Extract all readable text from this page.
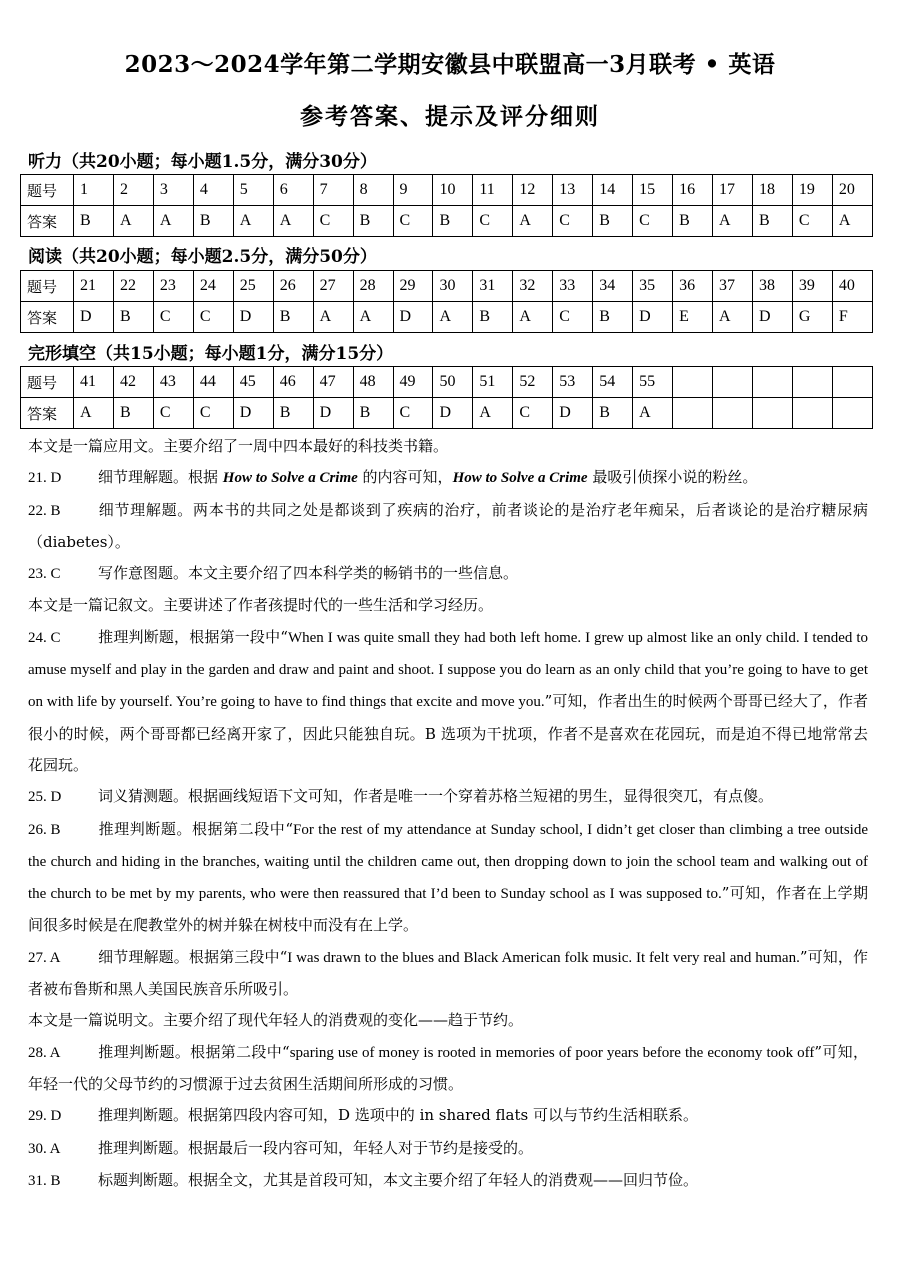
2023～2024学年第二学期安徽县中联盟高一3月联考 • 英语
参考答案、提示及评分细则
听力（共20小题；每小题1.5分，满分30分）
题号	1	2	3	4	5	6	7	8	9	10	11	12	13	14	15	16	17	18	19	20
答案	B	A	A	B	A	A	C	B	C	B	C	A	C	B	C	B	A	B	C	A
阅读（共20小题；每小题2.5分，满分50分）
题号	21	22	23	24	25	26	27	28	29	30	31	32	33	34	35	36	37	38	39	40
答案	D	B	C	C	D	B	A	A	D	A	B	A	C	B	D	E	A	D	G	F
完形填空（共15小题；每小题1分，满分15分）
题号	41	42	43	44	45	46	47	48	49	50	51	52	53	54	55					
答案	A	B	C	C	D	B	D	B	C	D	A	C	D	B	A					

本文是一篇应用文。主要介绍了一周中四本最好的科技类书籍。

21. D 细节理解题。根据 How to Solve a Crime 的内容可知，How to Solve a Crime 最吸引侦探小说的粉丝。

22. B 细节理解题。两本书的共同之处是都谈到了疾病的治疗，前者谈论的是治疗老年痴呆，后者谈论的是治疗糖尿病（diabetes）。

23. C 写作意图题。本文主要介绍了四本科学类的畅销书的一些信息。

本文是一篇记叙文。主要讲述了作者孩提时代的一些生活和学习经历。

24. C 推理判断题，根据第一段中“When I was quite small they had both left home. I grew up almost like an only child. I tended to amuse myself and play in the garden and draw and paint and shoot. I suppose you do learn as an only child that you’re going to have to get on with life by yourself. You’re going to have to find things that excite and move you.”可知，作者出生的时候两个哥哥已经大了，作者很小的时候，两个哥哥都已经离开家了，因此只能独自玩。B 选项为干扰项，作者不是喜欢在花园玩，而是迫不得已地常常去花园玩。

25. D 词义猜测题。根据画线短语下文可知，作者是唯一一个穿着苏格兰短裙的男生，显得很突兀，有点傻。

26. B 推理判断题。根据第二段中“For the rest of my attendance at Sunday school, I didn’t get closer than climbing a tree outside the church and hiding in the branches, waiting until the children came out, then dropping down to join the school team and walking out of the church to be met by my parents, who were then reassured that I’d been to Sunday school as I was supposed to.”可知，作者在上学期间很多时候是在爬教堂外的树并躲在树枝中而没有在上学。

27. A 细节理解题。根据第三段中“I was drawn to the blues and Black American folk music. It felt very real and human.”可知，作者被布鲁斯和黑人美国民族音乐所吸引。

本文是一篇说明文。主要介绍了现代年轻人的消费观的变化——趋于节约。

28. A 推理判断题。根据第二段中“sparing use of money is rooted in memories of poor years before the economy took off”可知，年轻一代的父母节约的习惯源于过去贫困生活期间所形成的习惯。

29. D 推理判断题。根据第四段内容可知，D 选项中的 in shared flats 可以与节约生活相联系。

30. A 推理判断题。根据最后一段内容可知，年轻人对于节约是接受的。

31. B 标题判断题。根据全文，尤其是首段可知，本文主要介绍了年轻人的消费观——回归节俭。
